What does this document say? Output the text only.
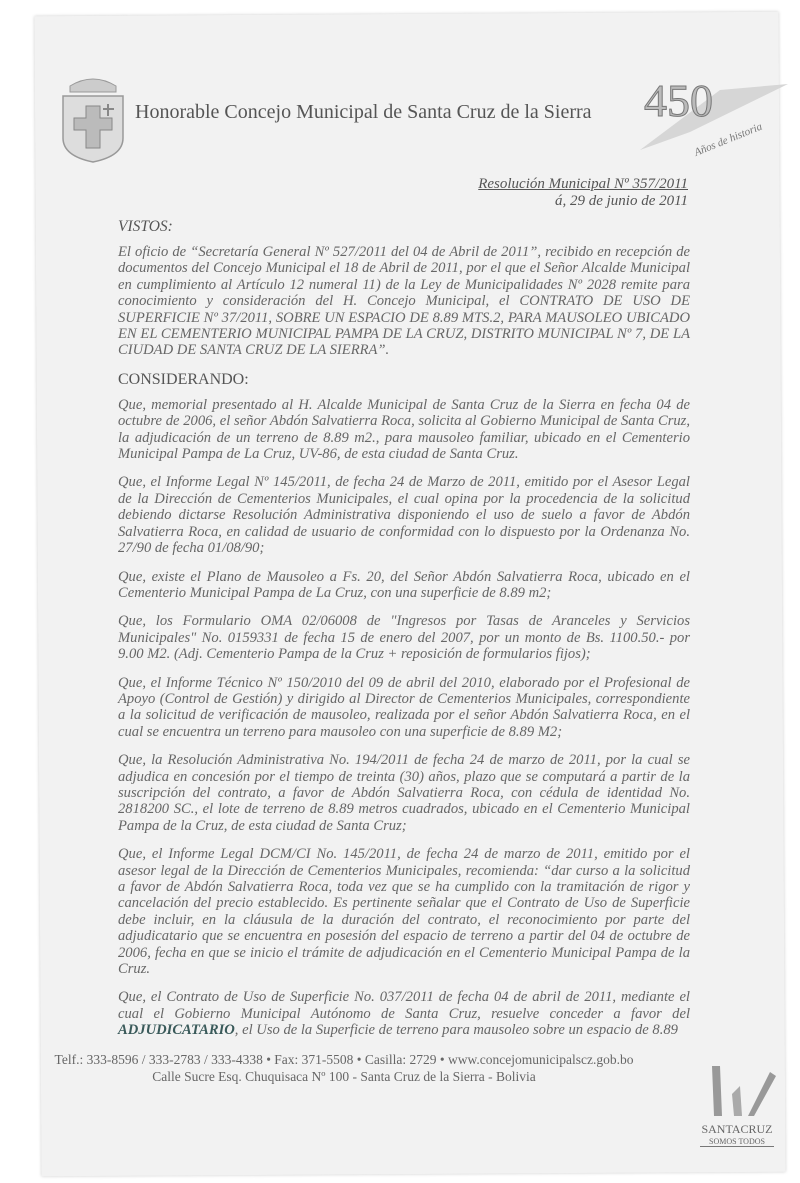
Honorable Concejo Municipal de Santa Cruz de la Sierra 450
Años de historia
Resolución Municipal Nº 357/2011
á, 29 de junio de 2011
VISTOS:
El oficio de “Secretaría General Nº 527/2011 del 04 de Abril de 2011”, recibido en recepción de documentos del Concejo Municipal el 18 de Abril de 2011, por el que el Señor Alcalde Municipal en cumplimiento al Artículo 12 numeral 11) de la Ley de Municipalidades Nº 2028 remite para conocimiento y consideración del H. Concejo Municipal, el CONTRATO DE USO DE SUPERFICIE Nº 37/2011, SOBRE UN ESPACIO DE 8.89 MTS.2, PARA MAUSOLEO UBICADO EN EL CEMENTERIO MUNICIPAL PAMPA DE LA CRUZ, DISTRITO MUNICIPAL Nº 7, DE LA CIUDAD DE SANTA CRUZ DE LA SIERRA”.
CONSIDERANDO:
Que, memorial presentado al H. Alcalde Municipal de Santa Cruz de la Sierra en fecha 04 de octubre de 2006, el señor Abdón Salvatierra Roca, solicita al Gobierno Municipal de Santa Cruz, la adjudicación de un terreno de 8.89 m2., para mausoleo familiar, ubicado en el Cementerio Municipal Pampa de La Cruz, UV-86, de esta ciudad de Santa Cruz.
Que, el Informe Legal Nº 145/2011, de fecha 24 de Marzo de 2011, emitido por el Asesor Legal de la Dirección de Cementerios Municipales, el cual opina por la procedencia de la solicitud debiendo dictarse Resolución Administrativa disponiendo el uso de suelo a favor de Abdón Salvatierra Roca, en calidad de usuario de conformidad con lo dispuesto por la Ordenanza No. 27/90 de fecha 01/08/90;
Que, existe el Plano de Mausoleo a Fs. 20, del Señor Abdón Salvatierra Roca, ubicado en el Cementerio Municipal Pampa de La Cruz, con una superficie de 8.89 m2;
Que, los Formulario OMA 02/06008 de "Ingresos por Tasas de Aranceles y Servicios Municipales" No. 0159331 de fecha 15 de enero del 2007, por un monto de Bs. 1100.50.- por 9.00 M2. (Adj. Cementerio Pampa de la Cruz + reposición de formularios fijos);
Que, el Informe Técnico Nº 150/2010 del 09 de abril del 2010, elaborado por el Profesional de Apoyo (Control de Gestión) y dirigido al Director de Cementerios Municipales, correspondiente a la solicitud de verificación de mausoleo, realizada por el señor Abdón Salvatierra Roca, en el cual se encuentra un terreno para mausoleo con una superficie de 8.89 M2;
Que, la Resolución Administrativa No. 194/2011 de fecha 24 de marzo de 2011, por la cual se adjudica en concesión por el tiempo de treinta (30) años, plazo que se computará a partir de la suscripción del contrato, a favor de Abdón Salvatierra Roca, con cédula de identidad No. 2818200 SC., el lote de terreno de 8.89 metros cuadrados, ubicado en el Cementerio Municipal Pampa de la Cruz, de esta ciudad de Santa Cruz;
Que, el Informe Legal DCM/CI No. 145/2011, de fecha 24 de marzo de 2011, emitido por el asesor legal de la Dirección de Cementerios Municipales, recomienda: “dar curso a la solicitud a favor de Abdón Salvatierra Roca, toda vez que se ha cumplido con la tramitación de rigor y cancelación del precio establecido. Es pertinente señalar que el Contrato de Uso de Superficie debe incluir, en la cláusula de la duración del contrato, el reconocimiento por parte del adjudicatario que se encuentra en posesión del espacio de terreno a partir del 04 de octubre de 2006, fecha en que se inicio el trámite de adjudicación en el Cementerio Municipal Pampa de la Cruz.
Que, el Contrato de Uso de Superficie No. 037/2011 de fecha 04 de abril de 2011, mediante el cual el Gobierno Municipal Autónomo de Santa Cruz, resuelve conceder a favor del ADJUDICATARIO, el Uso de la Superficie de terreno para mausoleo sobre un espacio de 8.89
Telf.: 333-8596 / 333-2783 / 333-4338 • Fax: 371-5508 • Casilla: 2729 • www.concejomunicipalscz.gob.bo
Calle Sucre Esq. Chuquisaca Nº 100 - Santa Cruz de la Sierra - Bolivia
SANTACRUZ
SOMOS TODOS
